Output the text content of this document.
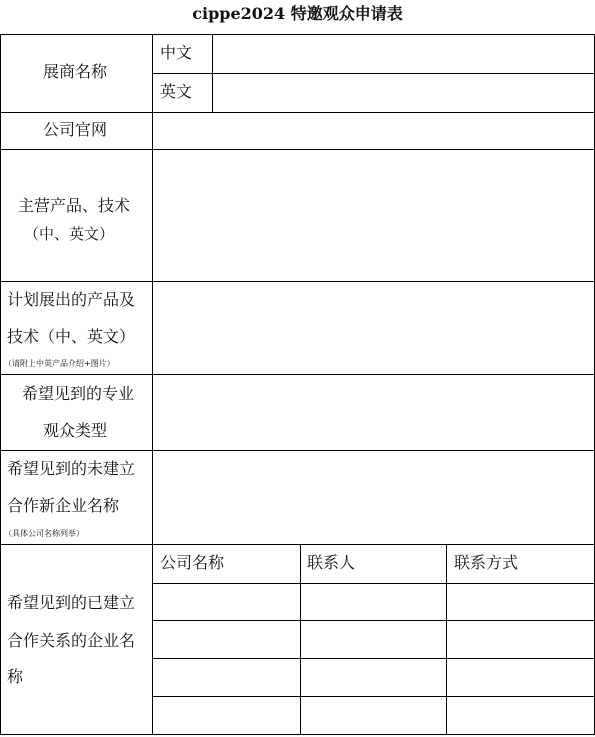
cippe2024 特邀观众申请表
展商名称
中文
英文
公司官网
主营产品、技术
（中、英文）
计划展出的产品及
技术（中、英文）
（请附上中英产品介绍+图片）
希望见到的专业
观众类型
希望见到的未建立
合作新企业名称
（具体公司名称列举）
希望见到的已建立
合作关系的企业名
称
公司名称	联系人	联系方式
